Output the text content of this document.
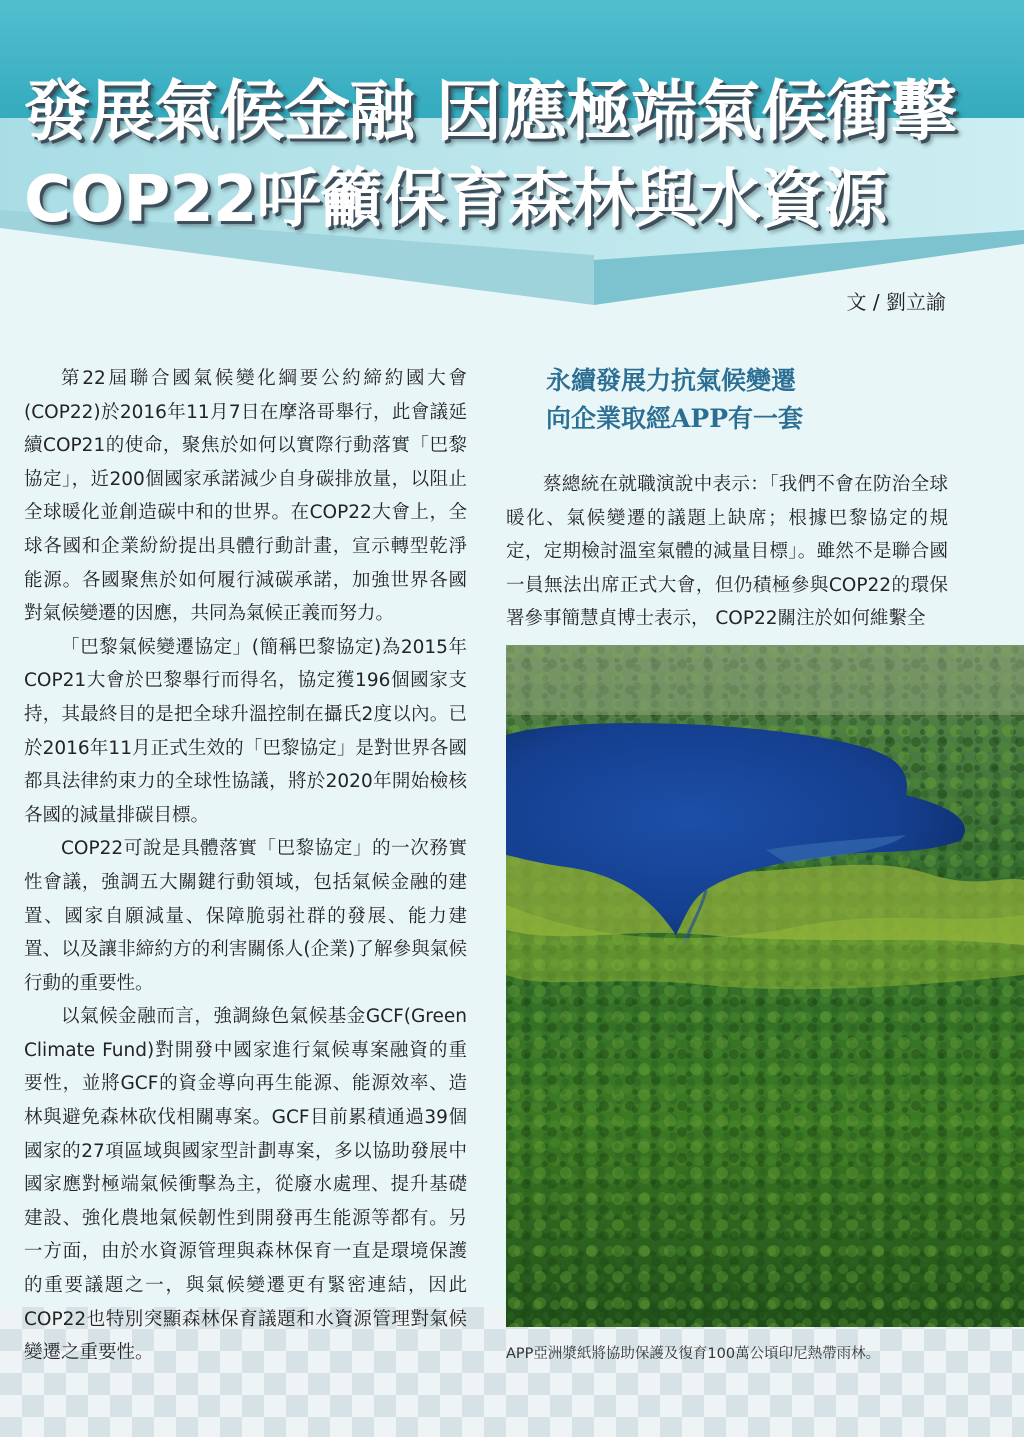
發展氣候金融 因應極端氣候衝擊
COP22呼籲保育森林與水資源
文 / 劉立諭

第22屆聯合國氣候變化綱要公約締約國大會(COP22)於2016年11月7日在摩洛哥舉行，此會議延續COP21的使命，聚焦於如何以實際行動落實「巴黎協定」，近200個國家承諾減少自身碳排放量，以阻止全球暖化並創造碳中和的世界。在COP22大會上，全球各國和企業紛紛提出具體行動計畫，宣示轉型乾淨能源。各國聚焦於如何履行減碳承諾，加強世界各國對氣候變遷的因應，共同為氣候正義而努力。

「巴黎氣候變遷協定」(簡稱巴黎協定)為2015年COP21大會於巴黎舉行而得名，協定獲196個國家支持，其最終目的是把全球升溫控制在攝氏2度以內。已於2016年11月正式生效的「巴黎協定」是對世界各國都具法律約束力的全球性協議，將於2020年開始檢核各國的減量排碳目標。

COP22可說是具體落實「巴黎協定」的一次務實性會議，強調五大關鍵行動領域，包括氣候金融的建置、國家自願減量、保障脆弱社群的發展、能力建置、以及讓非締約方的利害關係人(企業)了解參與氣候行動的重要性。

以氣候金融而言，強調綠色氣候基金GCF(Green Climate Fund)對開發中國家進行氣候專案融資的重要性，並將GCF的資金導向再生能源、能源效率、造林與避免森林砍伐相關專案。GCF目前累積通過39個國家的27項區域與國家型計劃專案，多以協助發展中國家應對極端氣候衝擊為主，從廢水處理、提升基礎建設、強化農地氣候韌性到開發再生能源等都有。另一方面，由於水資源管理與森林保育一直是環境保護的重要議題之一，與氣候變遷更有緊密連結，因此COP22也特別突顯森林保育議題和水資源管理對氣候變遷之重要性。

永續發展力抗氣候變遷
向企業取經APP有一套

蔡總統在就職演說中表示：「我們不會在防治全球暖化、氣候變遷的議題上缺席；根據巴黎協定的規定，定期檢討溫室氣體的減量目標」。雖然不是聯合國一員無法出席正式大會，但仍積極參與COP22的環保署參事簡慧貞博士表示， COP22關注於如何維繫全

APP亞洲漿紙將協助保護及復育100萬公頃印尼熱帶雨林。
